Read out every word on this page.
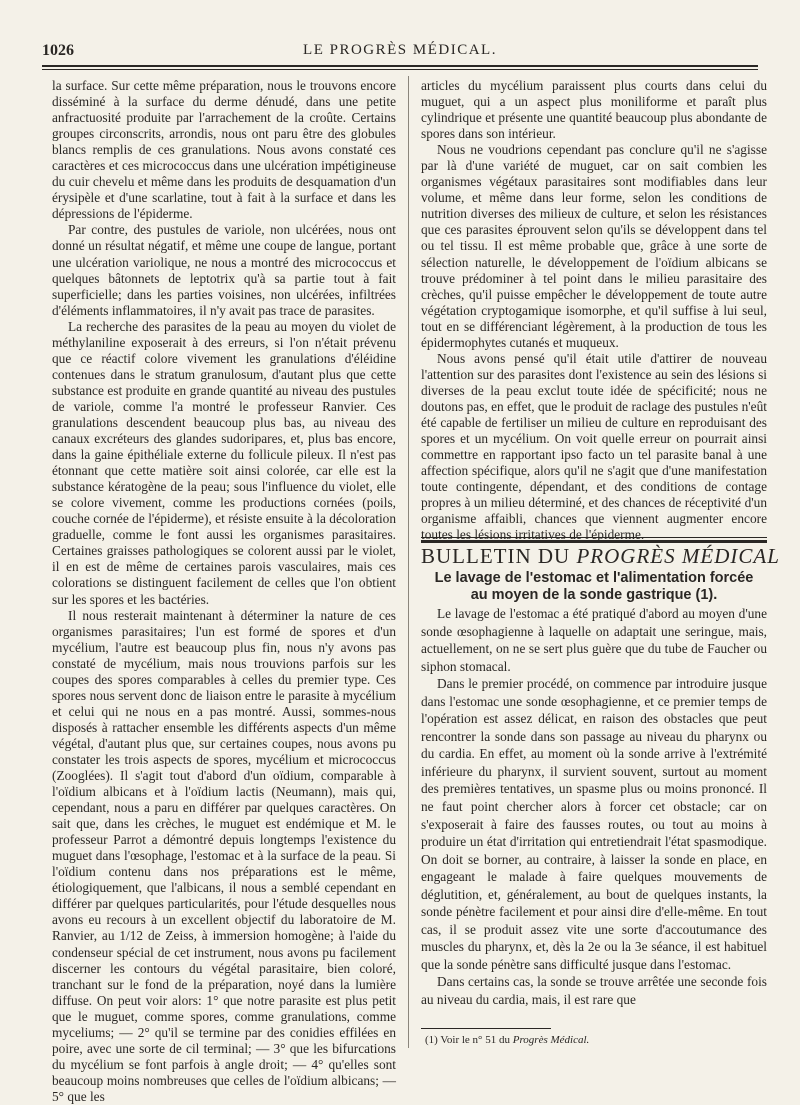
1026	LE PROGRÈS MÉDICAL.

la surface. Sur cette même préparation, nous le trouvons encore disséminé à la surface du derme dénudé, dans une petite anfractuosité produite par l'arrachement de la croûte. Certains groupes circonscrits, arrondis, nous ont paru être des globules blancs remplis de ces granulations. Nous avons constaté ces caractères et ces micrococcus dans une ulcération impétigineuse du cuir chevelu et même dans les produits de desquamation d'un érysipèle et d'une scarlatine, tout à fait à la surface et dans les dépressions de l'épiderme.

Par contre, des pustules de variole, non ulcérées, nous ont donné un résultat négatif, et même une coupe de langue, portant une ulcération variolique, ne nous a montré des micrococcus et quelques bâtonnets de leptotrix qu'à sa partie tout à fait superficielle; dans les parties voisines, non ulcérées, infiltrées d'éléments inflammatoires, il n'y avait pas trace de parasites.

La recherche des parasites de la peau au moyen du violet de méthylaniline exposerait à des erreurs, si l'on n'était prévenu que ce réactif colore vivement les granulations d'éléidine contenues dans le stratum granulosum, d'autant plus que cette substance est produite en grande quantité au niveau des pustules de variole, comme l'a montré le professeur Ranvier. Ces granulations descendent beaucoup plus bas, au niveau des canaux excréteurs des glandes sudoripares, et, plus bas encore, dans la gaine épithéliale externe du follicule pileux. Il n'est pas étonnant que cette matière soit ainsi colorée, car elle est la substance kératogène de la peau; sous l'influence du violet, elle se colore vivement, comme les productions cornées (poils, couche cornée de l'épiderme), et résiste ensuite à la décoloration graduelle, comme le font aussi les organismes parasitaires. Certaines graisses pathologiques se colorent aussi par le violet, il en est de même de certaines parois vasculaires, mais ces colorations se distinguent facilement de celles que l'on obtient sur les spores et les bactéries.

Il nous resterait maintenant à déterminer la nature de ces organismes parasitaires; l'un est formé de spores et d'un mycélium, l'autre est beaucoup plus fin, nous n'y avons pas constaté de mycélium, mais nous trouvions parfois sur les coupes des spores comparables à celles du premier type. Ces spores nous servent donc de liaison entre le parasite à mycélium et celui qui ne nous en a pas montré. Aussi, sommes-nous disposés à rattacher ensemble les différents aspects d'un même végétal, d'autant plus que, sur certaines coupes, nous avons pu constater les trois aspects de spores, mycélium et micrococcus (Zooglées). Il s'agit tout d'abord d'un oïdium, comparable à l'oïdium albicans et à l'oïdium lactis (Neumann), mais qui, cependant, nous a paru en différer par quelques caractères. On sait que, dans les crèches, le muguet est endémique et M. le professeur Parrot a démontré depuis longtemps l'existence du muguet dans l'œsophage, l'estomac et à la surface de la peau. Si l'oïdium contenu dans nos préparations est le même, étiologiquement, que l'albicans, il nous a semblé cependant en différer par quelques particularités, pour l'étude desquelles nous avons eu recours à un excellent objectif du laboratoire de M. Ranvier, au 1/12 de Zeiss, à immersion homogène; à l'aide du condenseur spécial de cet instrument, nous avons pu facilement discerner les contours du végétal parasitaire, bien coloré, tranchant sur le fond de la préparation, noyé dans la lumière diffuse. On peut voir alors: 1° que notre parasite est plus petit que le muguet, comme spores, comme granulations, comme myceliums; — 2° qu'il se termine par des conidies effilées en poire, avec une sorte de cil terminal; — 3° que les bifurcations du mycélium se font parfois à angle droit; — 4° qu'elles sont beaucoup moins nombreuses que celles de l'oïdium albicans; — 5° que les

articles du mycélium paraissent plus courts dans celui du muguet, qui a un aspect plus moniliforme et paraît plus cylindrique et présente une quantité beaucoup plus abondante de spores dans son intérieur.

Nous ne voudrions cependant pas conclure qu'il ne s'agisse par là d'une variété de muguet, car on sait combien les organismes végétaux parasitaires sont modifiables dans leur volume, et même dans leur forme, selon les conditions de nutrition diverses des milieux de culture, et selon les résistances que ces parasites éprouvent selon qu'ils se développent dans tel ou tel tissu. Il est même probable que, grâce à une sorte de sélection naturelle, le développement de l'oïdium albicans se trouve prédominer à tel point dans le milieu parasitaire des crèches, qu'il puisse empêcher le développement de toute autre végétation cryptogamique isomorphe, et qu'il suffise à lui seul, tout en se différenciant légèrement, à la production de tous les épidermophytes cutanés et muqueux.

Nous avons pensé qu'il était utile d'attirer de nouveau l'attention sur des parasites dont l'existence au sein des lésions si diverses de la peau exclut toute idée de spécificité; nous ne doutons pas, en effet, que le produit de raclage des pustules n'eût été capable de fertiliser un milieu de culture en reproduisant des spores et un mycélium. On voit quelle erreur on pourrait ainsi commettre en rapportant ipso facto un tel parasite banal à une affection spécifique, alors qu'il ne s'agit que d'une manifestation toute contingente, dépendant, et des conditions de contage propres à un milieu déterminé, et des chances de réceptivité d'un organisme affaibli, chances que viennent augmenter encore toutes les lésions irritatives de l'épiderme.

BULLETIN DU PROGRÈS MÉDICAL
Le lavage de l'estomac et l'alimentation forcée
au moyen de la sonde gastrique (1).

Le lavage de l'estomac a été pratiqué d'abord au moyen d'une sonde œsophagienne à laquelle on adaptait une seringue, mais, actuellement, on ne se sert plus guère que du tube de Faucher ou siphon stomacal.

Dans le premier procédé, on commence par introduire jusque dans l'estomac une sonde œsophagienne, et ce premier temps de l'opération est assez délicat, en raison des obstacles que peut rencontrer la sonde dans son passage au niveau du pharynx ou du cardia. En effet, au moment où la sonde arrive à l'extrémité inférieure du pharynx, il survient souvent, surtout au moment des premières tentatives, un spasme plus ou moins prononcé. Il ne faut point chercher alors à forcer cet obstacle; car on s'exposerait à faire des fausses routes, ou tout au moins à produire un état d'irritation qui entretiendrait l'état spasmodique. On doit se borner, au contraire, à laisser la sonde en place, en engageant le malade à faire quelques mouvements de déglutition, et, généralement, au bout de quelques instants, la sonde pénètre facilement et pour ainsi dire d'elle-même. En tout cas, il se produit assez vite une sorte d'accoutumance des muscles du pharynx, et, dès la 2e ou la 3e séance, il est habituel que la sonde pénètre sans difficulté jusque dans l'estomac.

Dans certains cas, la sonde se trouve arrêtée une seconde fois au niveau du cardia, mais, il est rare que

(1) Voir le n° 51 du Progrès Médical.
